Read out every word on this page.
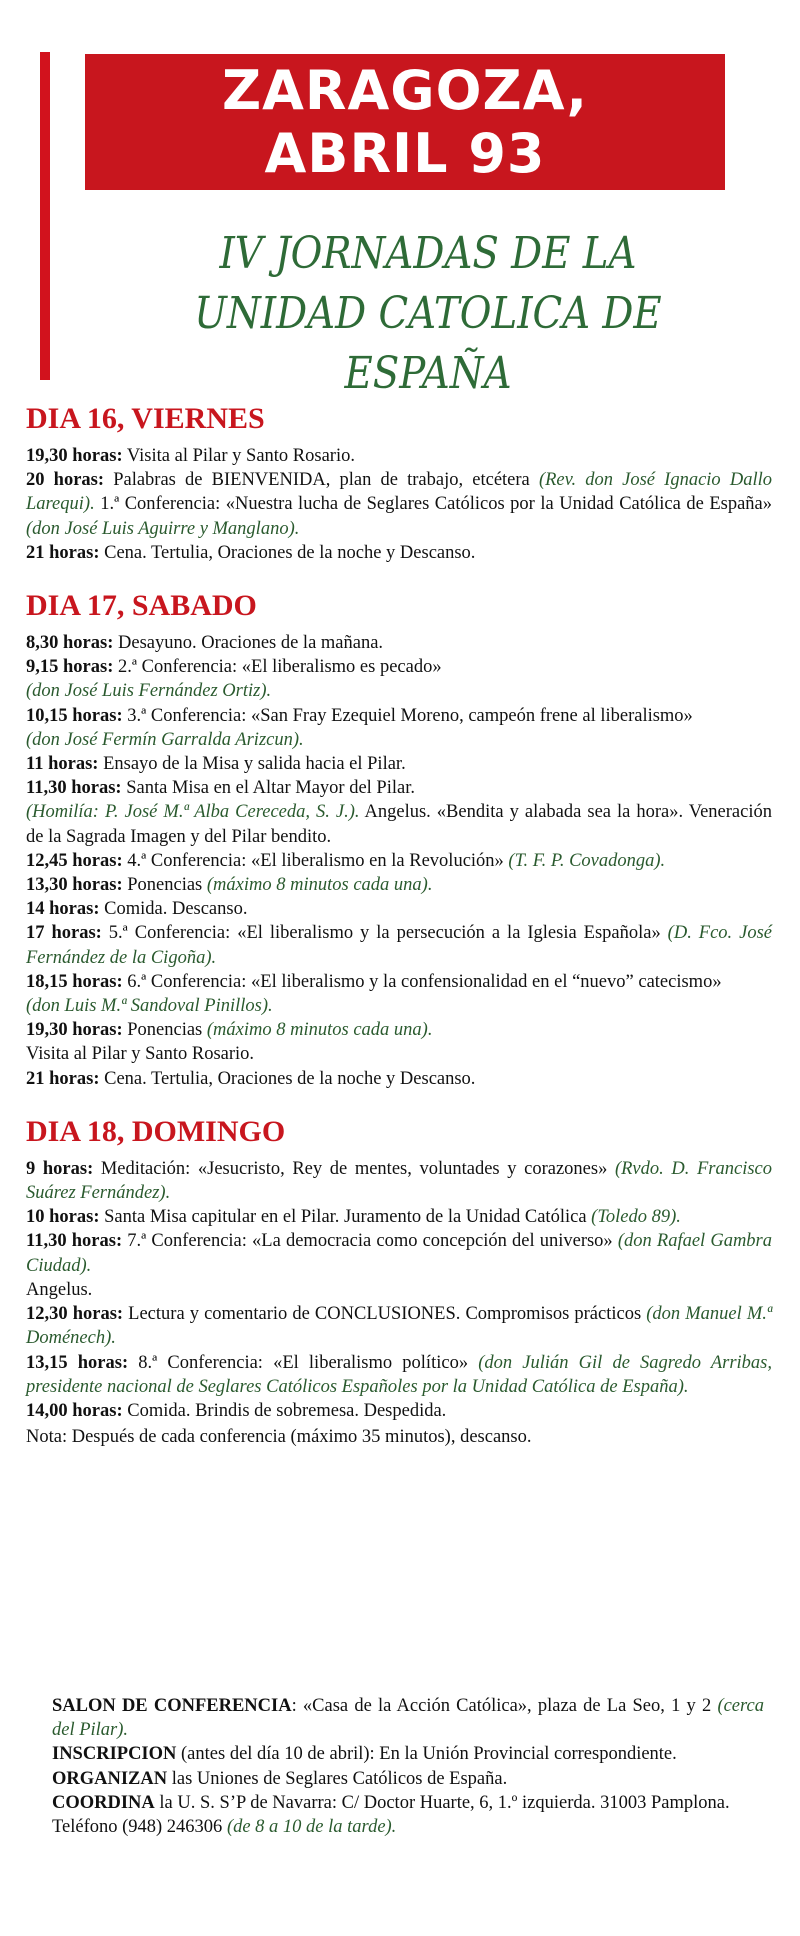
ZARAGOZA,
ABRIL 93
IV JORNADAS DE LA
UNIDAD CATOLICA DE ESPAÑA
DIA 16, VIERNES
19,30 horas: Visita al Pilar y Santo Rosario.
20 horas: Palabras de BIENVENIDA, plan de trabajo, etcétera (Rev. don José Ignacio Dallo Larequi). 1.ª Conferencia: «Nuestra lucha de Seglares Católicos por la Unidad Católica de España» (don José Luis Aguirre y Manglano).
21 horas: Cena. Tertulia, Oraciones de la noche y Descanso.
DIA 17, SABADO
8,30 horas: Desayuno. Oraciones de la mañana.
9,15 horas: 2.ª Conferencia: «El liberalismo es pecado»
(don José Luis Fernández Ortiz).
10,15 horas: 3.ª Conferencia: «San Fray Ezequiel Moreno, campeón frene al liberalismo»
(don José Fermín Garralda Arizcun).
11 horas: Ensayo de la Misa y salida hacia el Pilar.
11,30 horas: Santa Misa en el Altar Mayor del Pilar.
(Homilía: P. José M.ª Alba Cereceda, S. J.). Angelus. «Bendita y alabada sea la hora». Veneración de la Sagrada Imagen y del Pilar bendito.
12,45 horas: 4.ª Conferencia: «El liberalismo en la Revolución» (T. F. P. Covadonga).
13,30 horas: Ponencias (máximo 8 minutos cada una).
14 horas: Comida. Descanso.
17 horas: 5.ª Conferencia: «El liberalismo y la persecución a la Iglesia Española» (D. Fco. José Fernández de la Cigoña).
18,15 horas: 6.ª Conferencia: «El liberalismo y la confensionalidad en el “nuevo” catecismo»
(don Luis M.ª Sandoval Pinillos).
19,30 horas: Ponencias (máximo 8 minutos cada una).
Visita al Pilar y Santo Rosario.
21 horas: Cena. Tertulia, Oraciones de la noche y Descanso.
DIA 18, DOMINGO
9 horas: Meditación: «Jesucristo, Rey de mentes, voluntades y corazones» (Rvdo. D. Francisco Suárez Fernández).
10 horas: Santa Misa capitular en el Pilar. Juramento de la Unidad Católica (Toledo 89).
11,30 horas: 7.ª Conferencia: «La democracia como concepción del universo» (don Rafael Gambra Ciudad).
Angelus.
12,30 horas: Lectura y comentario de CONCLUSIONES. Compromisos prácticos (don Manuel M.ª Doménech).
13,15 horas: 8.ª Conferencia: «El liberalismo político» (don Julián Gil de Sagredo Arribas, presidente nacional de Seglares Católicos Españoles por la Unidad Católica de España).
14,00 horas: Comida. Brindis de sobremesa. Despedida.
Nota: Después de cada conferencia (máximo 35 minutos), descanso.
SALON DE CONFERENCIA: «Casa de la Acción Católica», plaza de La Seo, 1 y 2 (cerca del Pilar).
INSCRIPCION (antes del día 10 de abril): En la Unión Provincial correspondiente.
ORGANIZAN las Uniones de Seglares Católicos de España.
COORDINA la U. S. S’P de Navarra: C/ Doctor Huarte, 6, 1.º izquierda. 31003 Pamplona.
Teléfono (948) 246306 (de 8 a 10 de la tarde).
